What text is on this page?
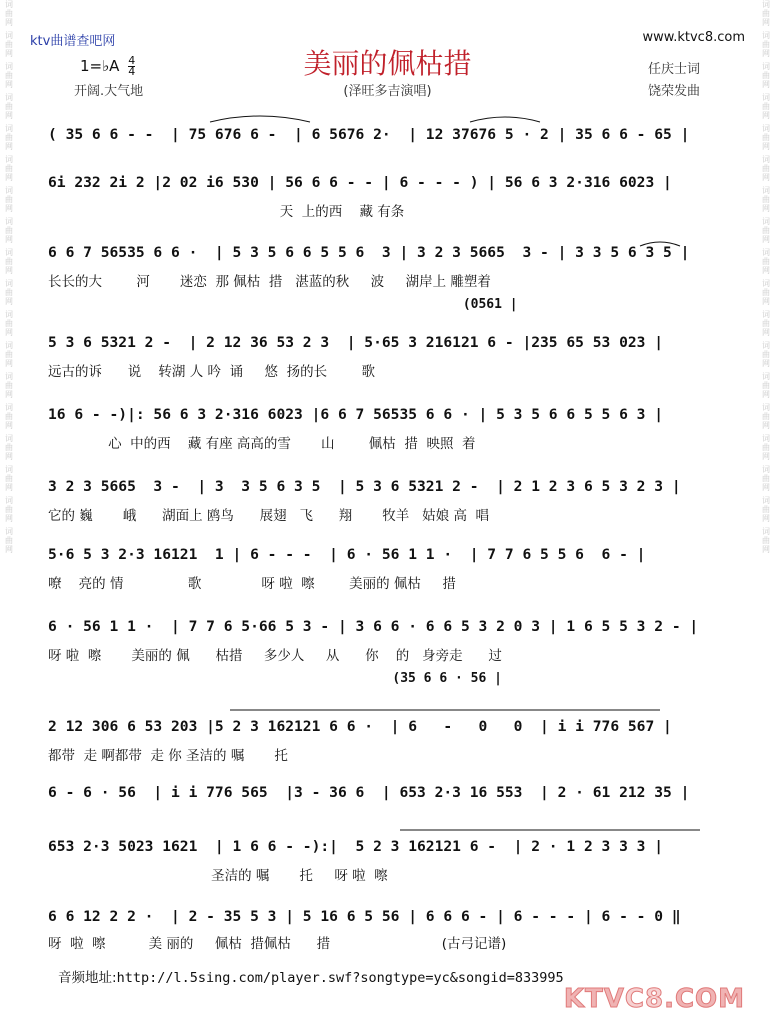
词
曲
网
词
曲
网
词
曲
网
词
曲
网
词
曲
网
词
曲
网
词
曲
网
词
曲
网
词
曲
网
词
曲
网
词
曲
网
词
曲
网
词
曲
网
词
曲
网
词
曲
网
词
曲
网
词
曲
网
词
曲
网
词
曲
网
词
曲
网
词
曲
网
词
曲
网
词
曲
网
词
曲
网
词
曲
网
词
曲
网
词
曲
网
词
曲
网
词
曲
网
词
曲
网
词
曲
网
词
曲
网
词
曲
网
词
曲
网
词
曲
网
词
曲
网
ktv曲谱查吧网	www.ktvc8.com
美丽的佩枯措
(泽旺多吉演唱)
1=♭A $\frac{4}{4}$
开阔.大气地
任庆士词
饶荣发曲
( 35 6 6 - -  | 75 676 6 -  | 6 5676 2·  | 12 37676 5 · 2 | 35 6 6 - 65 |
6i 232 2i 2 |2 02 i6 530 | 56 6 6 - - | 6 - - - ) | 56 6 3 2·316 6023 |
天  上的西    藏 有条
6 6 7 56535 6 6 ·  | 5 3 5 6 6 5 5 6  3 | 3 2 3 5665  3 - | 3 3 5 6 3 5 |
长长的大        河       迷恋  那 佩枯  措   湛蓝的秋     波     湖岸上 雕塑着
(0561 |
5 3 6 5321 2 -  | 2 12 36 53 2 3  | 5·65 3 216121 6 - |235 65 53 023 |
远古的诉      说    转湖 人 吟  诵     悠  扬的长        歌
16 6 - -)|: 56 6 3 2·316 6023 |6 6 7 56535 6 6 · | 5 3 5 6 6 5 5 6 3 |
心  中的西    藏 有座 高高的雪       山        佩枯  措  映照  着
3 2 3 5665  3 -  | 3  3 5 6 3 5  | 5 3 6 5321 2 -  | 2 1 2 3 6 5 3 2 3 |
它的 巍       峨      湖面上 鸥鸟      展翅   飞      翔       牧羊   姑娘 高  唱
5·6 5 3 2·3 16121  1 | 6 - - -  | 6 · 56 1 1 ·  | 7 7 6 5 5 6  6 - |
嘹    亮的 情               歌              呀 啦  嚓        美丽的 佩枯     措
6 · 56 1 1 ·  | 7 7 6 5·66 5 3 - | 3 6 6 · 6 6 5 3 2 0 3 | 1 6 5 5 3 2 - |
呀 啦  嚓       美丽的 佩      枯措     多少人     从      你    的   身旁走      过
(35 6 6 · 56 |
2 12 306 6 53 203 |5 2 3 162121 6 6 ·  | 6   -   0   0  | i i 776 567 |
都带  走 啊都带  走 你 圣洁的 嘱       托
6 - 6 · 56  | i i 776 565  |3 - 36 6  | 653 2·3 16 553  | 2 · 61 212 35 |
653 2·3 5023 1621  | 1 6 6 - -):|  5 2 3 162121 6 -  | 2 · 1 2 3 3 3 |
圣洁的 嘱       托     呀 啦  嚓
6 6 12 2 2 ·  | 2 - 35 5 3 | 5 16 6 5 56 | 6 6 6 - | 6 - - - | 6 - - 0 ‖
呀  啦  嚓          美 丽的     佩枯  措佩枯      措                          (古弓记谱)
音频地址:http://l.5sing.com/player.swf?songtype=yc&songid=833995
KTVC8.COM
